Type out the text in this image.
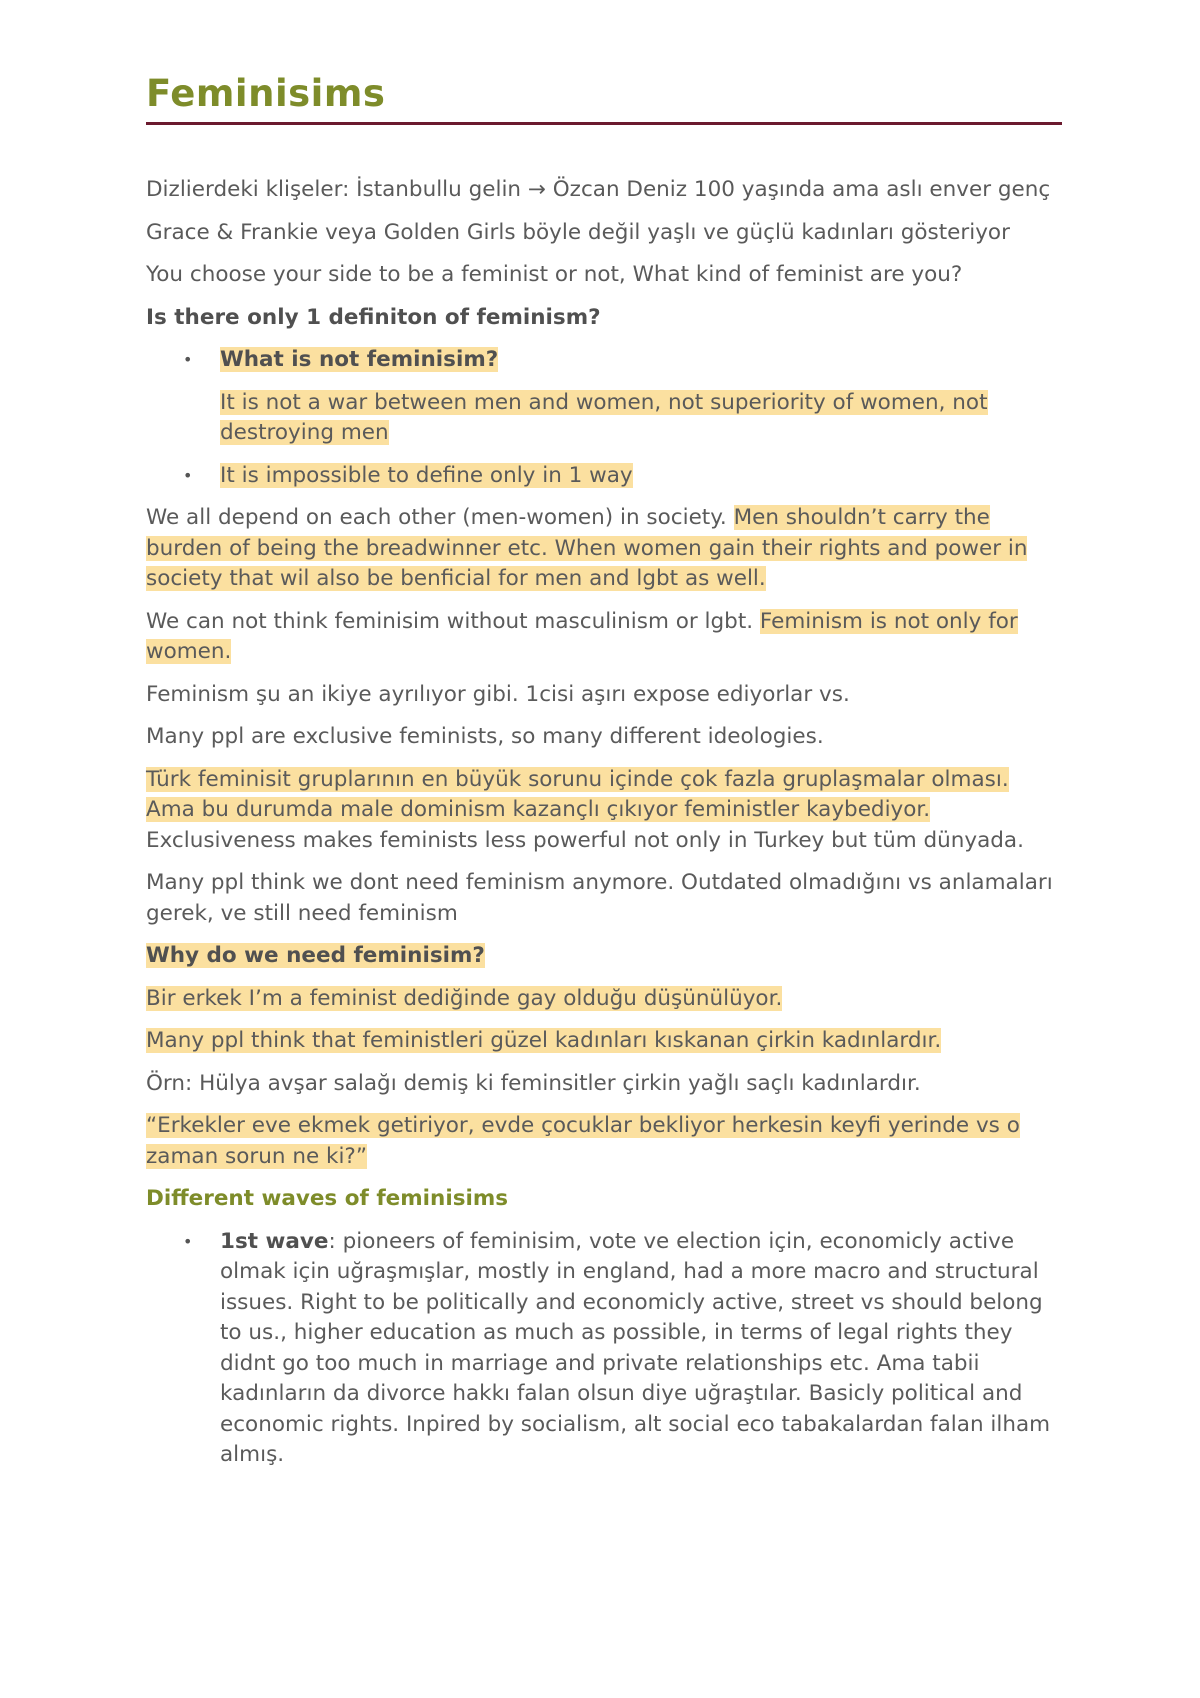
Feminisims

Dizlierdeki klişeler: İstanbullu gelin → Özcan Deniz 100 yaşında ama aslı enver genç

Grace & Frankie veya Golden Girls böyle değil yaşlı ve güçlü kadınları gösteriyor

You choose your side to be a feminist or not, What kind of feminist are you?

Is there only 1 definiton of feminism?

• What is not feminisim?
It is not a war between men and women, not superiority of women, not destroying men
• It is impossible to define only in 1 way

We all depend on each other (men-women) in society. Men shouldn’t carry the burden of being the breadwinner etc. When women gain their rights and power in society that wil also be benficial for men and lgbt as well.

We can not think feminisim without masculinism or lgbt. Feminism is not only for women.

Feminism şu an ikiye ayrılıyor gibi. 1cisi aşırı expose ediyorlar vs.

Many ppl are exclusive feminists, so many different ideologies.

Türk feminisit gruplarının en büyük sorunu içinde çok fazla gruplaşmalar olması.
Ama bu durumda male dominism kazançlı çıkıyor feministler kaybediyor.
Exclusiveness makes feminists less powerful not only in Turkey but tüm dünyada.

Many ppl think we dont need feminism anymore. Outdated olmadığını vs anlamaları gerek, ve still need feminism

Why do we need feminisim?

Bir erkek I’m a feminist dediğinde gay olduğu düşünülüyor.

Many ppl think that feministleri güzel kadınları kıskanan çirkin kadınlardır.

Örn: Hülya avşar salağı demiş ki feminsitler çirkin yağlı saçlı kadınlardır.

“Erkekler eve ekmek getiriyor, evde çocuklar bekliyor herkesin keyfi yerinde vs o zaman sorun ne ki?”

Different waves of feminisims

• 1st wave: pioneers of feminisim, vote ve election için, economicly active olmak için uğraşmışlar, mostly in england, had a more macro and structural issues. Right to be politically and economicly active, street vs should belong to us., higher education as much as possible, in terms of legal rights they didnt go too much in marriage and private relationships etc. Ama tabii kadınların da divorce hakkı falan olsun diye uğraştılar. Basicly political and economic rights. Inpired by socialism, alt social eco tabakalardan falan ilham almış.
